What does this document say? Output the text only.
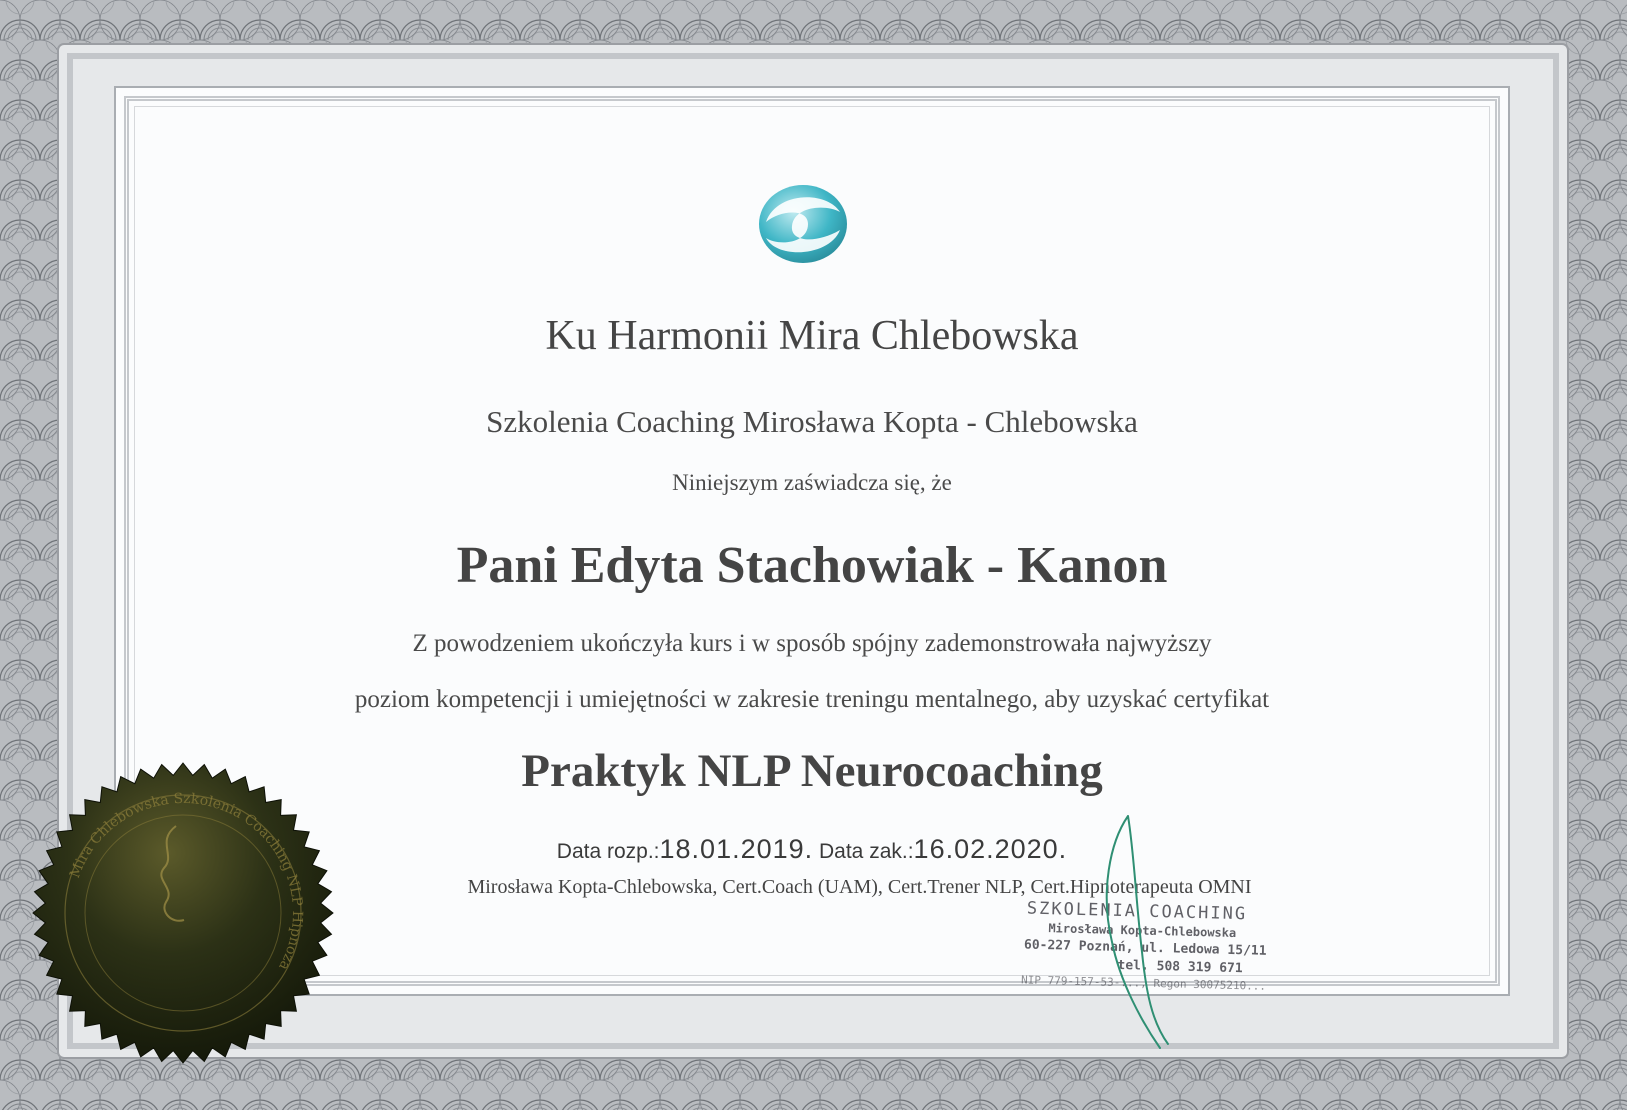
Ku Harmonii Mira Chlebowska
Szkolenia Coaching Mirosława Kopta - Chlebowska
Niniejszym zaświadcza się, że
Pani Edyta Stachowiak - Kanon
Z powodzeniem ukończyła kurs i w sposób spójny zademonstrowała najwyższy
poziom kompetencji i umiejętności w zakresie treningu mentalnego, aby uzyskać certyfikat
Praktyk NLP Neurocoaching
Data rozp.:18.01.2019. Data zak.:16.02.2020.
Mirosława Kopta-Chlebowska, Cert.Coach (UAM), Cert.Trener NLP, Cert.Hipnoterapeuta OMNI
SZKOLENIA COACHING
Mirosława Kopta-Chlebowska
60-227 Poznań, ul. Ledowa 15/11
tel. 508 319 671
NIP 779-157-53-..., Regon 30075210...
Mira Chlebowska Szkolenia Coaching NLP Hipnoza
